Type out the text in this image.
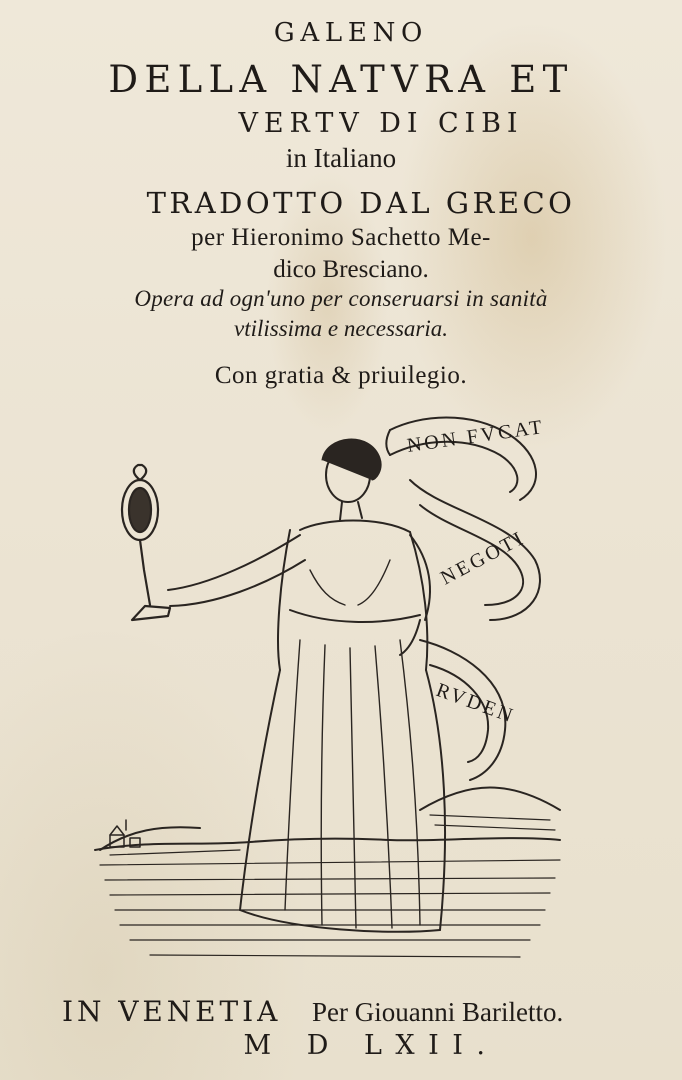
GALENO
DELLA NATVRA ET
VERTV DI CIBI
in Italiano
TRADOTTO DAL GRECO
per Hieronimo Sachetto Me-
dico Bresciano.
Opera ad ogn'uno per conseruarsi in sanità
vtilissima e necessaria.
Con gratia & priuilegio.
NON FVCAT
NEGOTI
RVDEN
IN VENETIA Per Giouanni Bariletto.
M D LXII.
